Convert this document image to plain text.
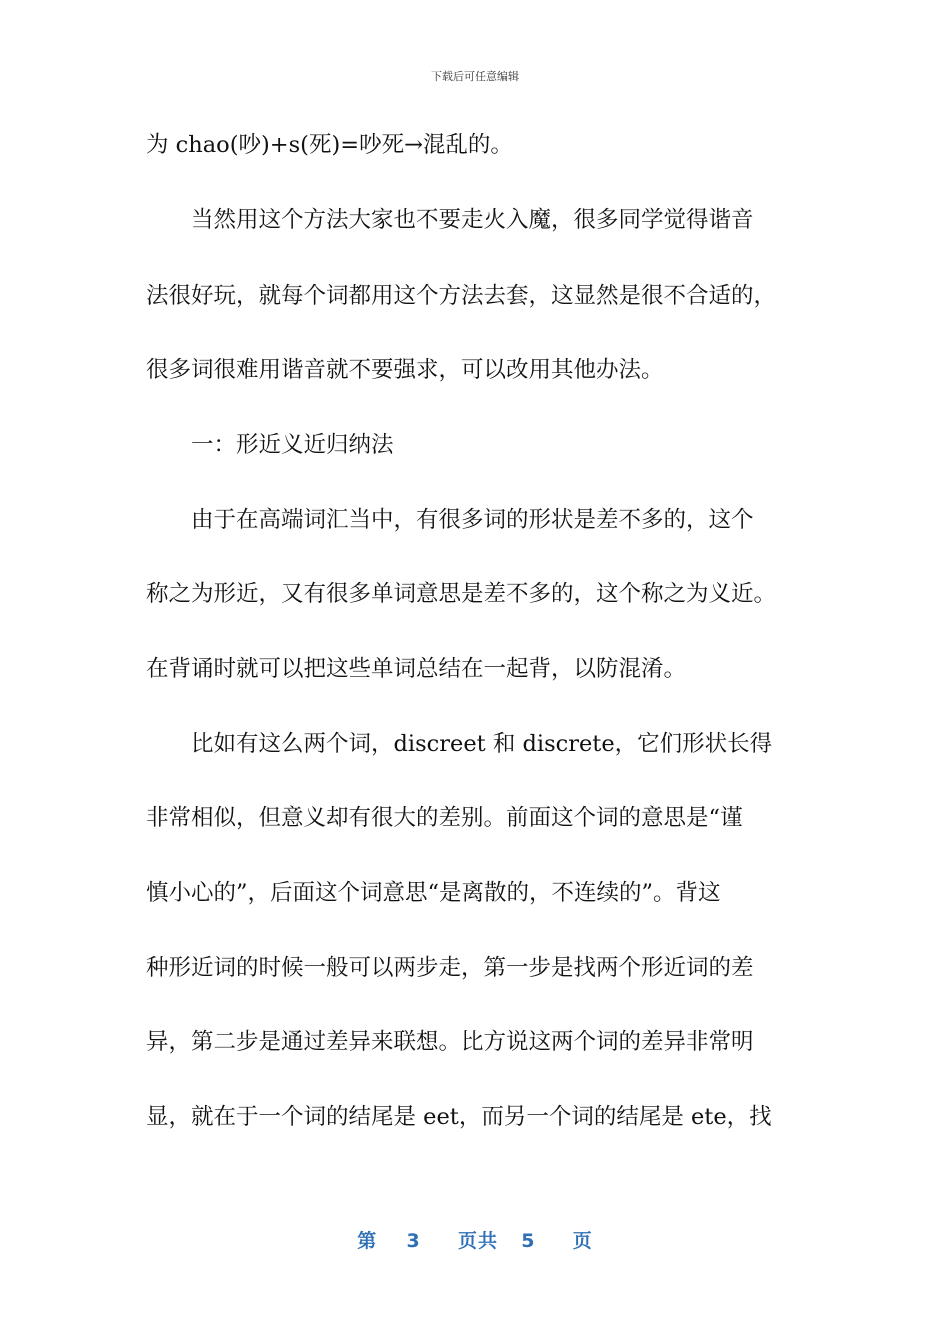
下载后可任意编辑
为 chao(吵)+s(死)=吵死→混乱的。
　　当然用这个方法大家也不要走火入魔，很多同学觉得谐音
法很好玩，就每个词都用这个方法去套，这显然是很不合适的，
很多词很难用谐音就不要强求，可以改用其他办法。
　　一：形近义近归纳法
　　由于在高端词汇当中，有很多词的形状是差不多的，这个
称之为形近，又有很多单词意思是差不多的，这个称之为义近。
在背诵时就可以把这些单词总结在一起背，以防混淆。
　　比如有这么两个词，discreet 和 discrete，它们形状长得
非常相似，但意义却有很大的差别。前面这个词的意思是“谨
慎小心的”，后面这个词意思“是离散的，不连续的”。背这
种形近词的时候一般可以两步走，第一步是找两个形近词的差
异，第二步是通过差异来联想。比方说这两个词的差异非常明
显，就在于一个词的结尾是 eet，而另一个词的结尾是 ete，找
第 3 页共 5 页
